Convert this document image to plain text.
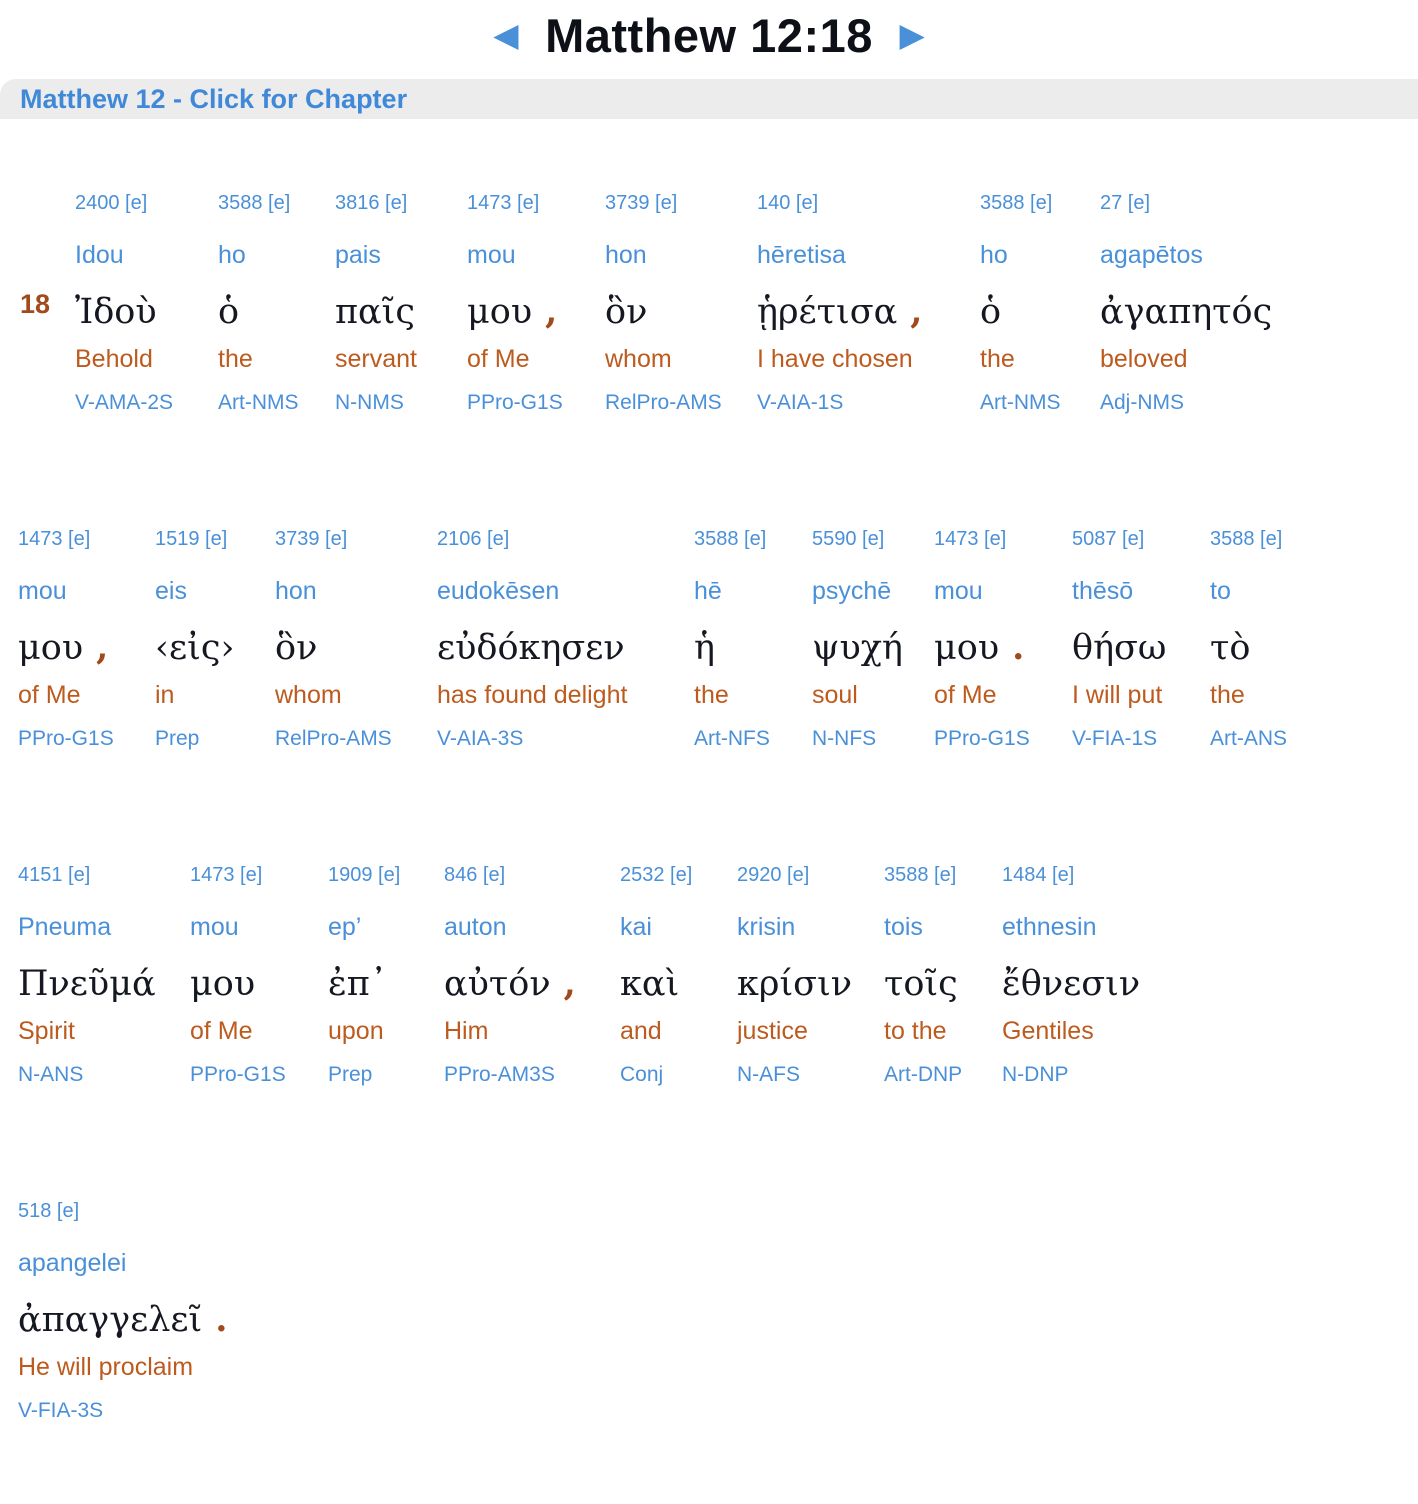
◄ Matthew 12:18 ►
Matthew 12 - Click for Chapter
18
2400 [e]
Idou
Ἰδοὺ
Behold
V-AMA-2S
3588 [e]
ho
ὁ
the
Art-NMS
3816 [e]
pais
παῖς
servant
N-NMS
1473 [e]
mou
μου ,
of Me
PPro-G1S
3739 [e]
hon
ὃν
whom
RelPro-AMS
140 [e]
hēretisa
ᾑρέτισα ,
I have chosen
V-AIA-1S
3588 [e]
ho
ὁ
the
Art-NMS
27 [e]
agapētos
ἀγαπητός
beloved
Adj-NMS
1473 [e]
mou
μου ,
of Me
PPro-G1S
1519 [e]
eis
‹εἰς›
in
Prep
3739 [e]
hon
ὃν
whom
RelPro-AMS
2106 [e]
eudokēsen
εὐδόκησεν
has found delight
V-AIA-3S
3588 [e]
hē
ἡ
the
Art-NFS
5590 [e]
psychē
ψυχή
soul
N-NFS
1473 [e]
mou
μου .
of Me
PPro-G1S
5087 [e]
thēsō
θήσω
I will put
V-FIA-1S
3588 [e]
to
τὸ
the
Art-ANS
4151 [e]
Pneuma
Πνεῦμά
Spirit
N-ANS
1473 [e]
mou
μου
of Me
PPro-G1S
1909 [e]
ep’
ἐπ᾽
upon
Prep
846 [e]
auton
αὐτόν ,
Him
PPro-AM3S
2532 [e]
kai
καὶ
and
Conj
2920 [e]
krisin
κρίσιν
justice
N-AFS
3588 [e]
tois
τοῖς
to the
Art-DNP
1484 [e]
ethnesin
ἔθνεσιν
Gentiles
N-DNP
518 [e]
apangelei
ἀπαγγελεῖ .
He will proclaim
V-FIA-3S
